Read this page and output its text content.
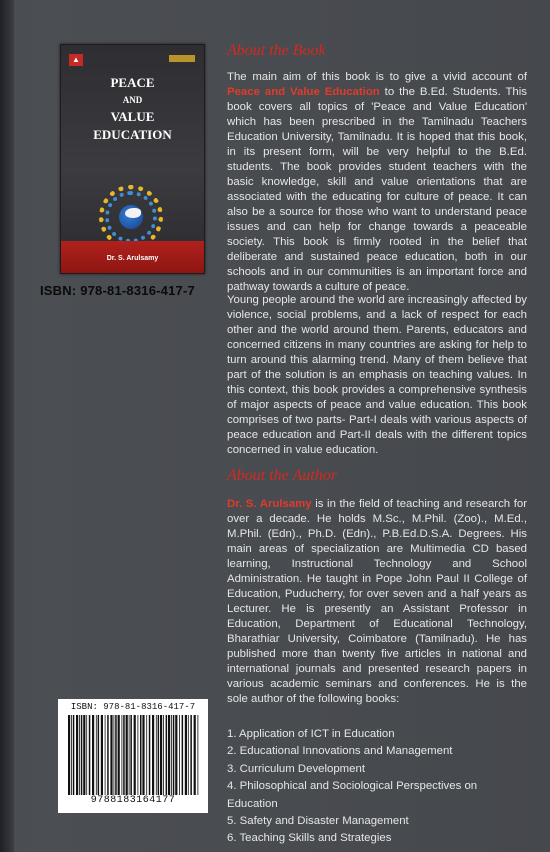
▲
PEACE
AND
VALUE
EDUCATION
Dr. S. Arulsamy
ISBN: 978-81-8316-417-7
About the Book
The main aim of this book is to give a vivid account of Peace and Value Education to the B.Ed. Students. This book covers all topics of 'Peace and Value Education' which has been prescribed in the Tamilnadu Teachers Education University, Tamilnadu. It is hoped that this book, in its present form, will be very helpful to the B.Ed. students. The book provides student teachers with the basic knowledge, skill and value orientations that are associated with the educating for culture of peace. It can also be a source for those who want to understand peace issues and can help for change towards a peaceable society. This book is firmly rooted in the belief that deliberate and sustained peace education, both in our schools and in our communities is an important force and pathway towards a culture of peace.
Young people around the world are increasingly affected by violence, social problems, and a lack of respect for each other and the world around them. Parents, educators and concerned citizens in many countries are asking for help to turn around this alarming trend. Many of them believe that part of the solution is an emphasis on teaching values. In this context, this book provides a comprehensive synthesis of major aspects of peace and value education. This book comprises of two parts- Part-I deals with various aspects of peace education and Part-II deals with the different topics concerned in value education.
About the Author
Dr. S. Arulsamy is in the field of teaching and research for over a decade. He holds M.Sc., M.Phil. (Zoo)., M.Ed., M.Phil. (Edn)., Ph.D. (Edn)., P.B.Ed.D.S.A. Degrees. His main areas of specialization are Multimedia CD based learning, Instructional Technology and School Administration. He taught in Pope John Paul II College of Education, Puducherry, for over seven and a half years as Lecturer. He is presently an Assistant Professor in Education, Department of Educational Technology, Bharathiar University, Coimbatore (Tamilnadu). He has published more than twenty five articles in national and international journals and presented research papers in various academic seminars and conferences. He is the sole author of the following books:
1. Application of ICT in Education
2. Educational Innovations and Management
3. Curriculum Development
4. Philosophical and Sociological Perspectives on Education
5. Safety and Disaster Management
6. Teaching Skills and Strategies
ISBN: 978-81-8316-417-7
9788183164177
